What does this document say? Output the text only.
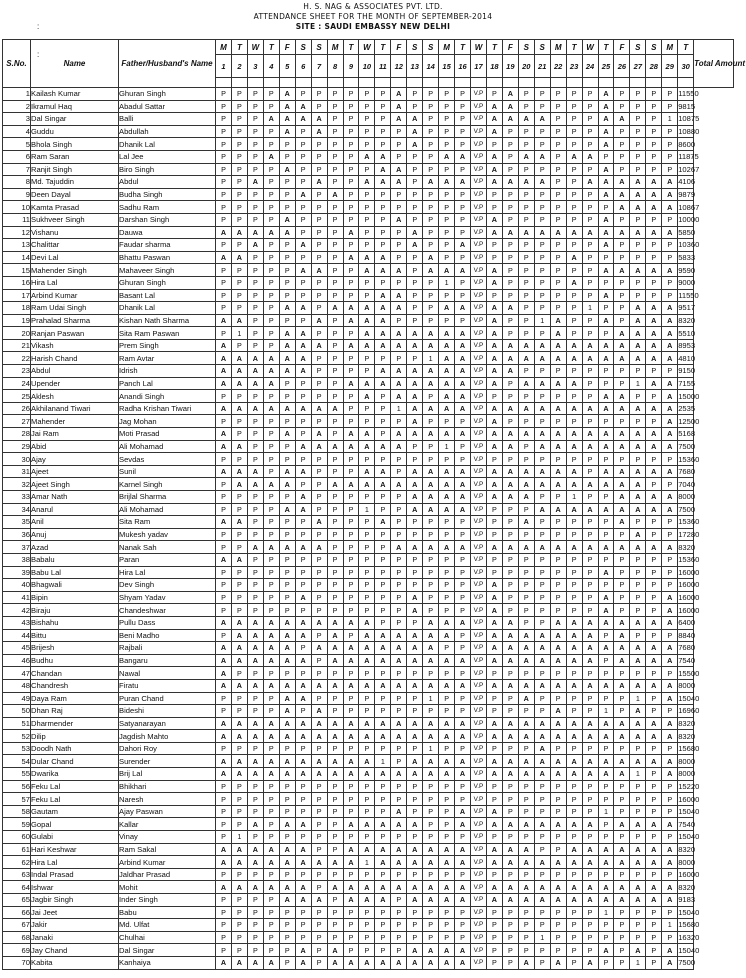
H. S. NAG & ASSOCIATES PVT. LTD.
ATTENDANCE SHEET FOR THE MONTH OF SEPTEMBER-2014
SITE : SAUDI EMBASSY NEW DELHI
:
:
S.No.	Name	Father/Husband's Name	M	T	W	T	F	S	S	M	T	W	T	F	S	S	M	T	W	T	F	S	S	M	T	W	T	F	S	S	M	T	Total Amount
			1	2	3	4	5	6	7	8	9	10	11	12	13	14	15	16	17	18	19	20	21	22	23	24	25	26	27	28	29	30	

1	Kailash Kumar	Ghuran Singh	P	P	P	P	A	P	P	P	P	P	P	A	P	P	P	P	V.P	P	A	P	P	P	P	P	A	P	P	P	P	11550	
2	Ikramul Haq	Abadul Sattar	P	P	P	P	A	A	P	P	P	P	P	A	P	P	P	P	V.P	A	A	P	P	P	P	P	A	P	P	P	P	9815	
3	Dal Singar	Balli	P	P	P	A	A	A	A	P	P	P	P	A	A	P	P	P	V.P	A	A	A	A	P	P	P	A	A	P	P	1	10875	
4	Guddu	Abdullah	P	P	P	P	A	P	A	P	P	P	P	P	A	P	P	P	V.P	A	P	P	P	P	P	P	A	P	P	P	P	10880	
5	Bhola Singh	Dhanik Lal	P	P	P	P	P	P	P	P	P	P	P	P	A	P	P	P	V.P	P	P	P	P	P	P	P	A	P	P	P	P	8600	
6	Ram Saran	Lal Jee	P	P	P	A	P	P	P	P	P	A	A	P	P	P	A	A	V.P	A	P	A	A	P	A	A	P	P	P	P	P	11875	
7	Ranjit Singh	Biro Singh	P	P	P	P	A	P	P	P	P	P	A	A	P	P	P	P	V.P	A	P	P	P	P	P	P	A	P	P	P	P	10267	
8	Md. Tajuddin	Abdul	P	P	A	P	P	P	A	P	P	A	A	A	P	A	A	A	V.P	A	A	A	A	P	P	A	A	A	A	A	A	4106	
9	Deen Dayal	Budha Singh	P	P	P	P	P	A	P	A	P	P	P	P	P	P	P	P	V.P	P	P	P	P	P	P	P	A	A	A	A	A	9879	
10	Kamta Prasad	Sadhu Ram	P	P	P	P	P	P	P	P	P	P	P	P	P	P	P	P	V.P	P	P	P	P	P	P	P	P	A	A	A	A	10867	
11	Sukhveer Singh	Darshan Singh	P	P	P	P	A	P	P	P	P	P	P	A	P	P	P	P	V.P	A	P	P	P	P	P	P	A	P	P	P	P	10000	
12	Vishanu	Dauwa	A	A	A	A	A	P	P	P	A	P	P	P	A	P	P	P	V.P	A	A	A	A	A	A	A	A	A	A	A	A	5850	
13	Chalittar	Faudar sharma	P	P	A	P	P	A	P	P	P	P	P	P	A	P	P	A	V.P	P	P	P	P	P	P	P	A	P	P	P	P	10360	
14	Devi Lal	Bhattu Paswan	A	A	P	P	P	P	P	P	A	A	A	P	P	A	P	P	V.P	P	P	P	P	P	A	P	P	P	P	P	P	5833	
15	Mahender Singh	Mahaveer Singh	P	P	P	P	P	A	A	P	P	A	A	A	P	A	A	A	V.P	A	P	P	P	P	P	P	A	A	A	A	A	9590	
16	Hira Lal	Ghuran Singh	P	P	P	P	P	P	P	P	P	P	P	P	P	P	1	P	V.P	A	P	P	P	P	A	P	P	P	P	P	P	9000	
17	Arbind Kumar	Basant Lal	P	P	P	P	P	P	P	P	P	P	A	A	P	P	P	P	V.P	P	P	P	P	P	P	P	A	P	P	P	P	11550	
18	Ram Udai Singh	Dhanik Lal	P	P	P	P	A	A	P	A	A	A	A	A	P	P	A	A	V.P	A	A	P	P	P	P	1	P	P	A	A	A	9517	
19	Prahalad Sharma	Kishan Nath Sharma	A	A	P	P	P	P	A	P	A	A	A	P	P	P	P	P	V.P	A	P	P	1	A	P	P	A	P	A	A	A	8320	
20	Ranjan Paswan	Sita Ram Paswan	P	1	P	P	A	A	P	P	P	A	A	A	A	A	A	A	V.P	A	P	P	P	A	P	P	P	A	A	A	A	5510	
21	Vikash	Prem Singh	A	P	P	P	A	A	A	P	A	A	A	A	A	A	A	A	V.P	A	A	A	A	A	A	A	A	A	A	A	A	8953	
22	Harish Chand	Ram Avtar	A	A	A	A	A	A	P	P	P	P	P	P	P	1	A	A	V.P	A	A	A	A	A	A	A	A	A	A	A	A	4810	
23	Abdul	Idrish	A	A	A	A	A	A	P	P	P	P	A	A	A	A	A	A	V.P	A	A	P	P	P	P	P	P	P	P	P	P	9150	
24	Upender	Panch Lal	A	A	A	A	P	P	P	P	A	A	A	A	A	A	A	A	V.P	A	P	A	A	A	A	P	P	P	1	A	A	7155	
25	Aklesh	Anandi Singh	P	P	P	P	P	P	P	P	P	A	P	A	A	P	A	A	V.P	P	P	P	P	P	P	P	A	A	P	P	A	15000	
26	Akhilanand Tiwari	Radha Krishan Tiwari	A	A	A	A	A	A	A	A	P	P	P	1	A	A	A	A	V.P	A	A	A	A	A	A	A	A	A	A	A	A	2535	
27	Mahender	Jag Mohan	P	P	P	P	P	P	P	P	P	P	P	P	A	P	P	P	V.P	A	P	P	P	P	P	P	P	P	P	P	A	12500	
28	Jai Ram	Moti Prasad	A	P	P	P	A	P	A	P	A	A	P	A	A	A	A	A	V.P	A	A	A	A	A	A	A	A	A	A	A	A	5168	
29	Abid	Ali Mohamad	A	A	P	P	P	A	A	A	A	A	A	A	P	P	1	P	V.P	A	A	P	A	A	A	A	A	A	A	A	A	7500	
30	Ajay	Sevdas	P	P	P	P	P	P	P	P	P	P	P	P	P	P	P	P	V.P	P	P	P	P	P	P	P	P	P	P	P	P	15360	
31	Ajeet	Sunil	A	A	A	P	A	A	P	P	P	A	A	P	A	A	A	A	V.P	A	A	A	A	A	A	P	A	A	A	A	A	7680	
32	Ajeet Singh	Karnel Singh	P	A	A	A	A	P	P	A	A	A	A	A	A	A	A	A	V.P	A	A	A	A	A	A	A	A	A	A	P	P	7040	
33	Amar Nath	Brijlal Sharma	P	P	P	P	P	A	P	P	P	P	P	P	A	A	A	A	V.P	A	A	A	P	P	1	P	P	A	A	A	A	8000	
34	Anarul	Ali Mohamad	P	P	P	P	A	A	P	P	P	1	P	P	A	A	A	A	V.P	P	P	P	A	A	A	A	A	A	A	A	A	7500	
35	Anil	Sita Ram	A	A	P	P	P	P	A	P	P	P	A	P	P	P	P	P	V.P	P	P	A	P	P	P	P	P	A	P	P	P	15360	
36	Anuj	Mukesh yadav	P	P	P	P	P	P	P	P	P	P	P	P	P	P	P	P	V.P	P	P	P	P	P	P	P	P	P	A	P	P	17280	
37	Azad	Nanak Sah	P	P	A	A	A	A	A	P	P	P	P	A	A	A	A	A	V.P	A	A	A	A	A	A	A	A	A	A	A	A	8320	
38	Babalu	Paran	A	A	P	P	P	P	P	P	P	P	P	P	P	P	P	P	V.P	P	P	P	P	P	P	P	P	P	P	P	P	15360	
39	Babu Lal	Hira Lal	P	P	P	P	P	P	P	P	P	P	P	P	P	P	P	P	V.P	P	P	P	P	P	P	P	A	P	P	P	P	16000	
40	Bhagwali	Dev Singh	P	P	P	P	P	P	P	P	P	P	P	P	P	P	P	P	V.P	A	P	P	P	P	P	P	P	P	P	P	P	16000	
41	Bipin	Shyam Yadav	P	P	P	P	P	A	P	P	P	P	P	P	A	P	P	P	V.P	A	P	P	P	P	P	P	A	P	P	P	A	16000	
42	Biraju	Chandeshwar	P	P	P	P	P	P	P	P	P	P	P	P	A	P	P	P	V.P	A	P	P	P	P	P	P	A	P	P	P	A	16000	
43	Bishahu	Pullu Dass	A	A	A	A	A	A	A	A	A	A	P	P	P	A	A	A	V.P	A	A	P	P	A	A	A	A	A	A	A	A	6400	
44	Bittu	Beni Madho	P	A	A	A	A	A	P	A	P	A	A	A	A	A	A	P	V.P	A	A	A	A	A	A	A	P	A	P	P	P	8840	
45	Brijesh	Rajbali	A	A	A	A	A	P	A	A	A	A	A	A	A	A	P	P	V.P	A	A	A	A	A	A	A	A	A	A	A	A	7680	
46	Budhu	Bangaru	A	A	A	A	A	A	P	A	A	A	A	A	A	A	A	A	V.P	A	A	A	A	A	A	A	P	A	A	A	A	7540	
47	Chandan	Nawal	A	P	P	P	P	P	P	P	P	P	P	P	P	P	P	P	V.P	P	P	P	P	P	P	P	P	P	P	P	P	15500	
48	Chandresh	Firatu	A	A	A	A	A	A	A	A	A	A	A	A	A	A	A	A	V.P	A	A	A	A	A	A	A	A	A	A	A	A	8000	
49	Daya Ram	Puran Chand	P	P	P	P	A	A	P	P	P	P	P	P	P	1	P	P	V.P	P	P	A	P	P	P	P	P	P	1	P	A	15040	
50	Dhan Raj	Bideshi	P	P	P	P	A	P	A	P	P	P	P	P	P	P	P	P	V.P	P	P	P	P	A	P	P	1	P	A	P	P	16960	
51	Dharmender	Satyanarayan	A	A	A	A	A	A	A	A	A	A	A	A	A	A	A	A	V.P	A	A	A	A	A	A	A	A	A	A	A	A	8320	
52	Dilip	Jagdish Mahto	A	A	A	A	A	A	A	A	A	A	A	A	A	A	A	A	V.P	A	A	A	A	A	A	A	A	A	A	A	A	8320	
53	Doodh Nath	Dahori Roy	P	P	P	P	P	P	P	P	P	P	P	P	P	1	P	P	V.P	P	P	P	A	P	P	P	P	P	P	P	P	15680	
54	Dular Chand	Surender	A	A	A	A	A	A	A	A	A	A	1	P	A	A	A	A	V.P	A	A	A	A	A	A	A	A	A	A	A	A	8000	
55	Dwarika	Brij Lal	A	A	A	A	A	A	A	A	A	A	A	A	A	A	A	A	V.P	A	A	A	A	A	A	A	A	A	1	P	A	8000	
56	Feku Lal	Bhikhari	P	P	P	P	P	P	P	P	P	P	P	P	P	P	P	P	V.P	P	P	P	P	P	P	P	P	P	P	P	P	15220	
57	Feku Lal	Naresh	P	P	P	P	P	P	P	P	P	P	P	P	P	P	P	P	V.P	P	P	P	P	P	P	P	P	P	P	P	P	16000	
58	Gautam	Ajay Paswan	P	P	P	P	P	P	P	P	P	P	P	A	P	P	P	A	V.P	A	P	P	P	P	P	P	1	P	P	P	P	15040	
59	Gopal	Kallar	P	P	A	P	A	A	P	P	A	A	A	A	A	P	P	A	V.P	A	A	A	A	A	A	A	P	A	A	A	A	7540	
60	Gulabi	Vinay	P	1	P	P	P	P	P	P	P	P	P	P	P	P	P	P	V.P	P	P	P	P	P	P	P	P	P	P	P	P	15040	
61	Hari Keshwar	Ram Sakal	A	A	A	A	A	A	P	P	A	A	A	A	A	A	A	A	V.P	A	A	A	P	P	A	A	A	A	A	A	A	8320	
62	Hira Lal	Arbind Kumar	A	A	A	A	A	A	A	A	A	1	A	A	A	A	A	A	V.P	A	A	A	A	A	A	A	A	A	A	A	A	8000	
63	Indal Prasad	Jaldhar Prasad	P	P	P	P	P	P	P	P	P	P	P	P	P	P	P	P	V.P	P	P	P	P	P	P	P	P	P	P	P	P	16000	
64	Ishwar	Mohit	A	A	A	A	A	A	P	A	A	A	A	A	A	A	A	A	V.P	A	A	A	A	A	A	A	A	A	A	A	A	8320	
65	Jagbir Singh	Inder Singh	P	P	P	P	A	A	A	P	A	A	A	P	A	A	A	A	V.P	A	A	A	A	A	A	A	A	A	A	A	A	9183	
66	Jai Jeet	Babu	P	P	P	P	P	P	P	P	P	P	P	P	P	P	P	P	V.P	P	P	P	P	P	P	P	1	P	P	P	P	15040	
67	Jakir	Md. Ulfat	P	P	P	P	P	P	P	P	P	P	P	P	P	P	P	P	V.P	P	P	P	P	P	P	P	P	P	P	P	1	15680	
68	Janaki	Chulhai	P	P	P	P	P	P	P	P	P	P	P	P	P	P	P	P	V.P	P	P	P	1	P	P	P	P	P	P	P	P	16320	
69	Jay Chand	Dal Singar	P	P	P	P	P	A	P	A	P	P	P	P	A	A	A	A	V.P	P	P	P	P	P	P	P	A	P	A	P	A	15040	
70	Kabita	Kanhaiya	A	A	A	A	P	A	P	A	A	A	A	A	A	A	A	A	V.P	P	P	A	P	A	P	A	P	P	1	P	A	7500	
